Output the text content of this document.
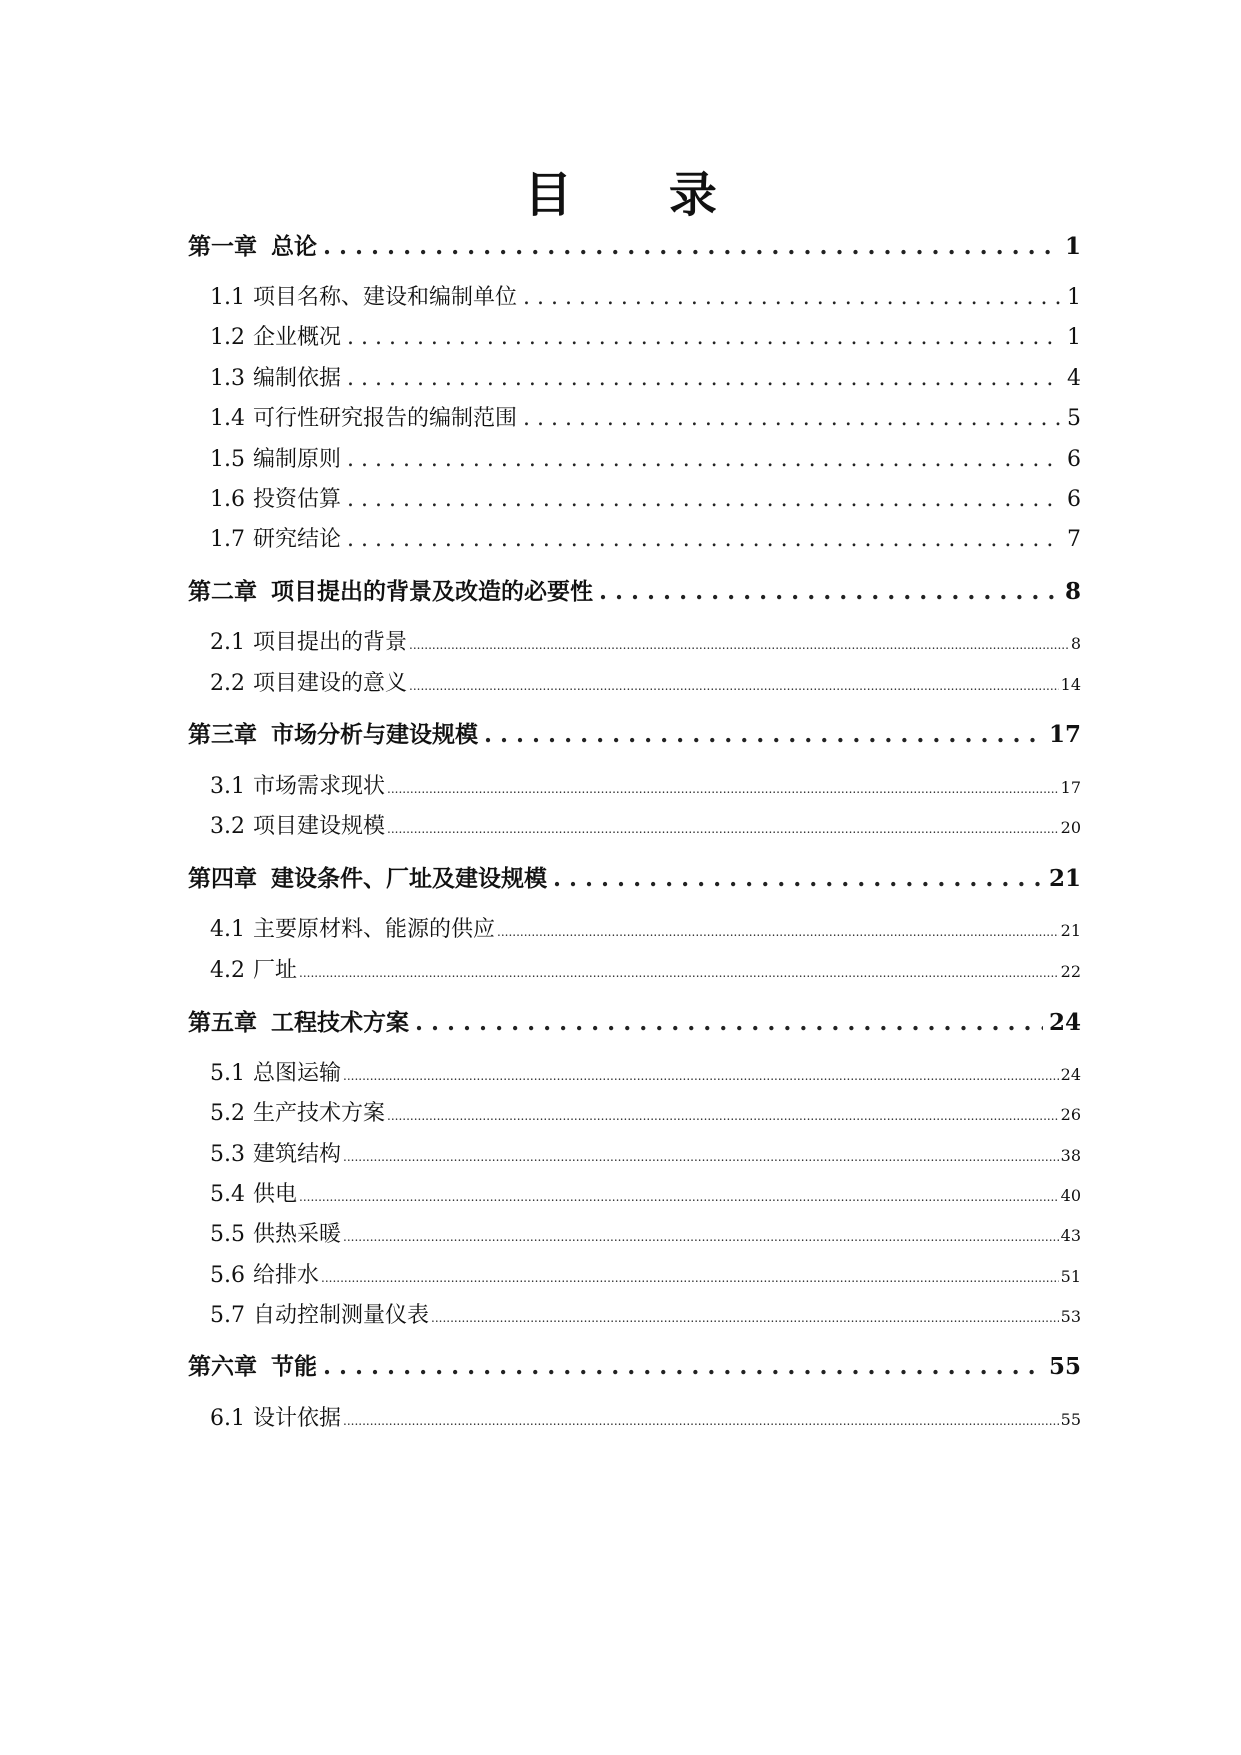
目 录
第一章 总论 . . .	1
1.1 项目名称、建设和编制单位 . . .	1
1.2 企业概况 . . .	1
1.3 编制依据 . . .	4
1.4 可行性研究报告的编制范围 . . .	5
1.5 编制原则 . . .	6
1.6 投资估算 . . .	6
1.7 研究结论 . . .	7
第二章 项目提出的背景及改造的必要性 . . .	8
2.1 项目提出的背景 .....	8
2.2 项目建设的意义 .....	14
第三章 市场分析与建设规模 . . .	17
3.1 市场需求现状 .....	17
3.2 项目建设规模 .....	20
第四章 建设条件、厂址及建设规模 . . .	21
4.1 主要原材料、能源的供应 .....	21
4.2 厂址 .....	22
第五章 工程技术方案 . . .	24
5.1 总图运输 .....	24
5.2 生产技术方案 .....	26
5.3 建筑结构 .....	38
5.4 供电 .....	40
5.5 供热采暖 .....	43
5.6 给排水 .....	51
5.7 自动控制测量仪表 .....	53
第六章 节能 . . .	55
6.1 设计依据 .....	55
